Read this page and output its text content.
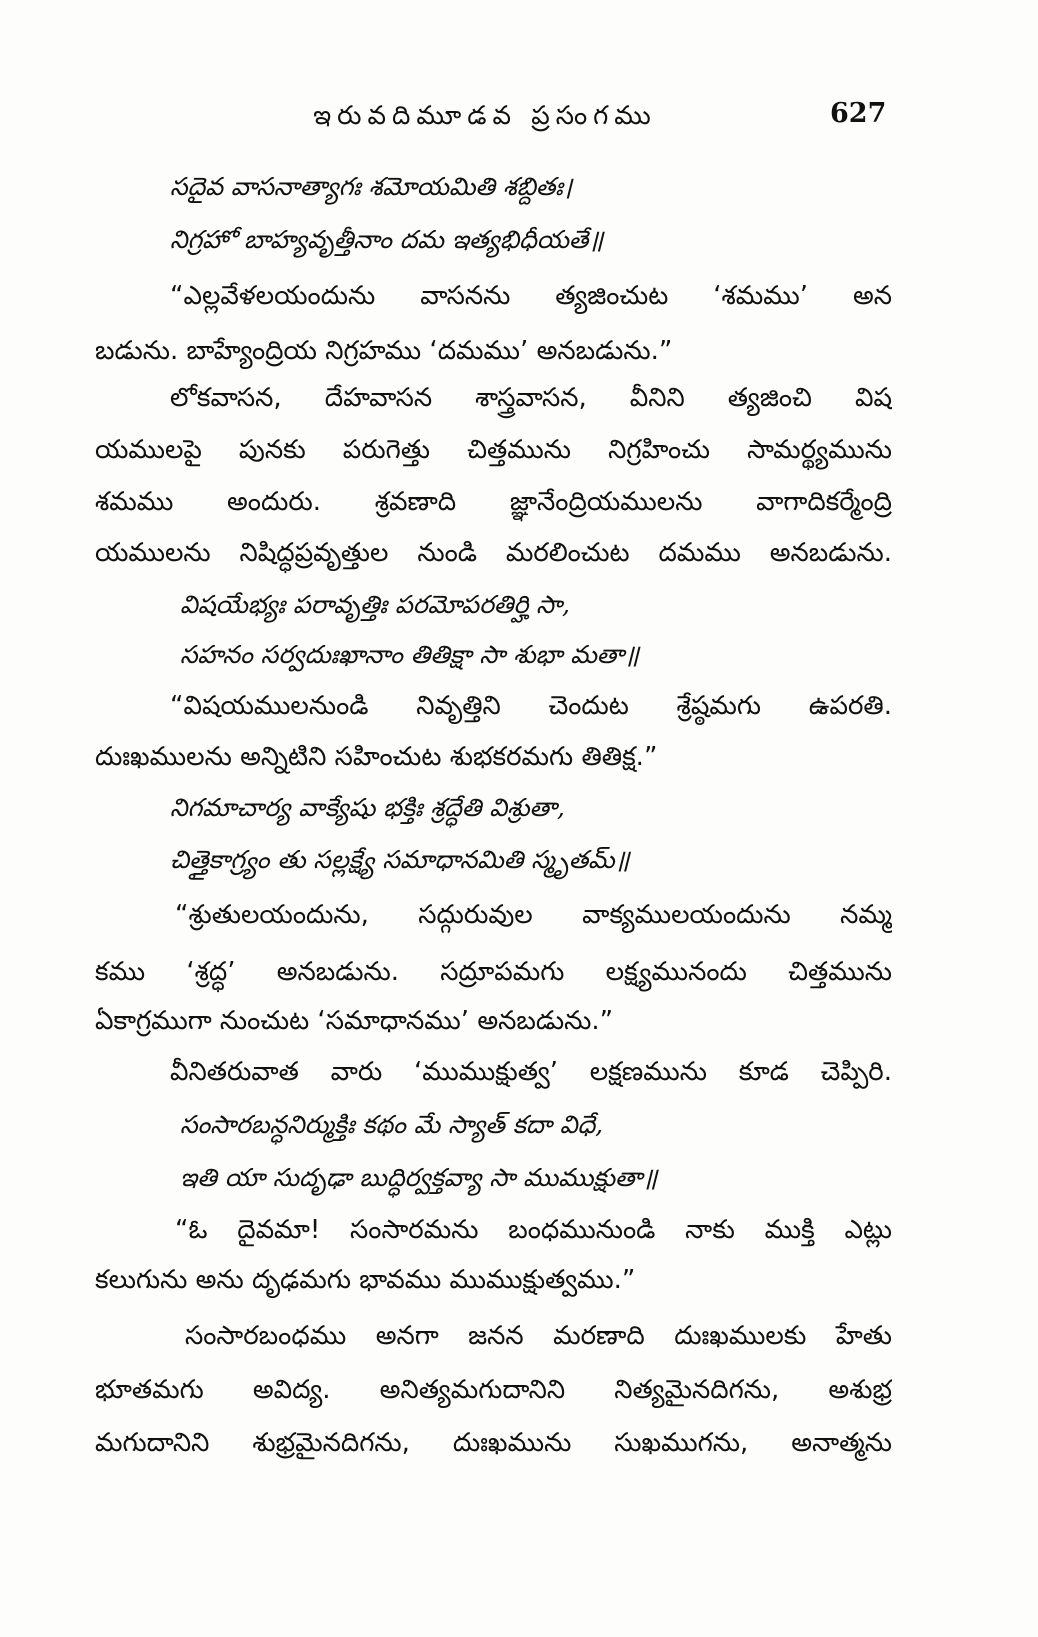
ఇరువదిమూడవ ప్రసంగము	627
సదైవ వాసనాత్యాగః శమోయమితి శబ్దితః।
నిగ్రహో బాహ్యవృత్తీనాం దమ ఇత్యభిధీయతే॥
“ఎల్లవేళలయందును వాసనను త్యజించుట ‘శమము’ అన
బడును. బాహ్యేంద్రియ నిగ్రహము ‘దమము’ అనబడును.”
లోకవాసన, దేహవాసన శాస్త్రవాసన, వీనిని త్యజించి విష
యములపై పునకు పరుగెత్తు చిత్తమును నిగ్రహించు సామర్థ్యమును
శమము అందురు. శ్రవణాది జ్ఞానేంద్రియములను వాగాదికర్మేంద్రి
యములను నిషిద్ధప్రవృత్తుల నుండి మరలించుట దమము అనబడును.
విషయేభ్యః పరావృత్తిః పరమోపరతిర్హి సా,
సహనం సర్వదుఃఖానాం తితిక్షా సా శుభా మతా॥
“విషయములనుండి నివృత్తిని చెందుట శ్రేష్ఠమగు ఉపరతి.
దుఃఖములను అన్నిటిని సహించుట శుభకరమగు తితిక్ష.”
నిగమాచార్య వాక్యేషు భక్తిః శ్రద్ధేతి విశ్రుతా,
చిత్తైకాగ్ర్యం తు సల్లక్ష్యే సమాధానమితి స్మృతమ్॥
“శ్రుతులయందును, సద్గురువుల వాక్యములయందును నమ్మ
కము ‘శ్రద్ధ’ అనబడును. సద్రూపమగు లక్ష్యమునందు చిత్తమును
ఏకాగ్రముగా నుంచుట ‘సమాధానము’ అనబడును.”
వీనితరువాత వారు ‘ముముక్షుత్వ’ లక్షణమును కూడ చెప్పిరి.
సంసారబన్ధనిర్ముక్తిః కథం మే స్యాత్ కదా విధే,
ఇతి యా సుదృఢా బుద్ధిర్వక్తవ్యా సా ముముక్షుతా॥
“ఓ దైవమా! సంసారమను బంధమునుండి నాకు ముక్తి ఎట్లు
కలుగును అను దృఢమగు భావము ముముక్షుత్వము.”
సంసారబంధము అనగా జనన మరణాది దుఃఖములకు హేతు
భూతమగు అవిద్య. అనిత్యమగుదానిని నిత్యమైనదిగను, అశుభ్ర
మగుదానిని శుభ్రమైనదిగను, దుఃఖమును సుఖముగను, అనాత్మను
